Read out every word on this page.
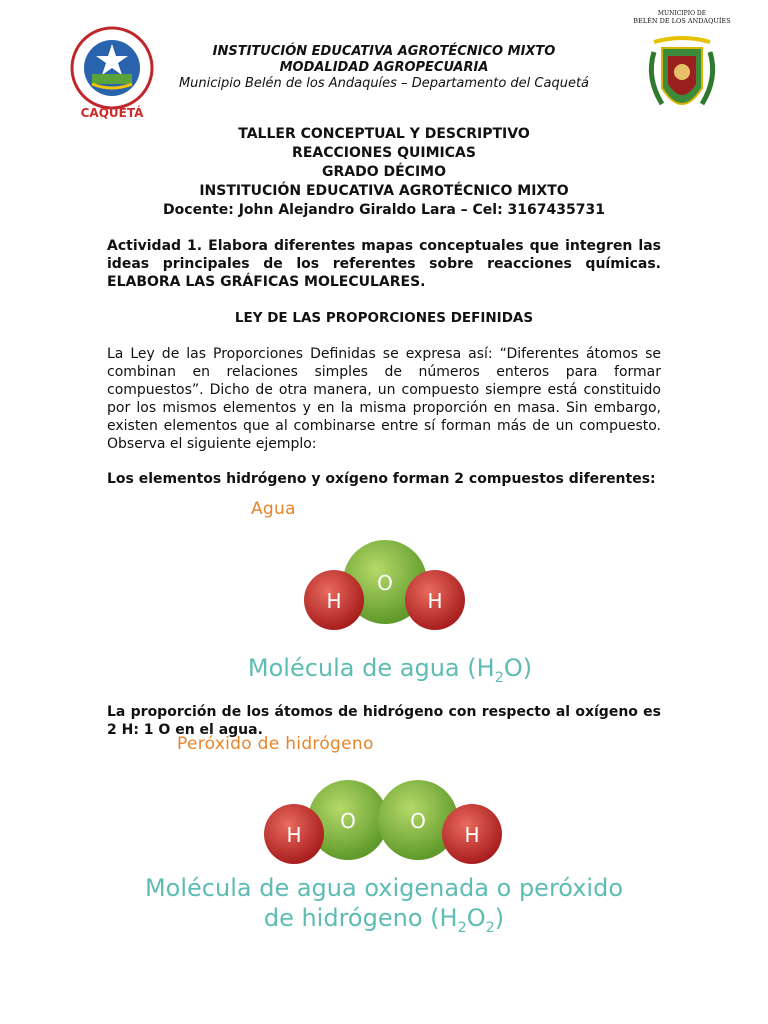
CAQUETÁ
INSTITUCIÓN EDUCATIVA AGROTÉCNICO MIXTO
MODALIDAD AGROPECUARIA
Municipio Belén de los Andaquíes – Departamento del Caquetá
MUNICIPIO DE
BELÉN DE LOS ANDAQUÍES
TALLER CONCEPTUAL Y DESCRIPTIVO
REACCIONES QUIMICAS
GRADO DÉCIMO
INSTITUCIÓN EDUCATIVA AGROTÉCNICO MIXTO
Docente: John Alejandro Giraldo Lara – Cel: 3167435731
Actividad 1. Elabora diferentes mapas conceptuales que integren las ideas principales de los referentes sobre reacciones químicas. ELABORA LAS GRÁFICAS MOLECULARES.
LEY DE LAS PROPORCIONES DEFINIDAS
La Ley de las Proporciones Definidas se expresa así: “Diferentes átomos se combinan en relaciones simples de números enteros para formar compuestos”. Dicho de otra manera, un compuesto siempre está constituido por los mismos elementos y en la misma proporción en masa. Sin embargo, existen elementos que al combinarse entre sí forman más de un compuesto. Observa el siguiente ejemplo:
Los elementos hidrógeno y oxígeno forman 2 compuestos diferentes:
Agua
O
H	H
Molécula de agua $(H_2O)$
La proporción de los átomos de hidrógeno con respecto al oxígeno es 2 H: 1 O en el agua.
Peróxido de hidrógeno
O	O
H	H
Molécula de agua oxigenada o peróxido
de hidrógeno $(H_2O_2)$
